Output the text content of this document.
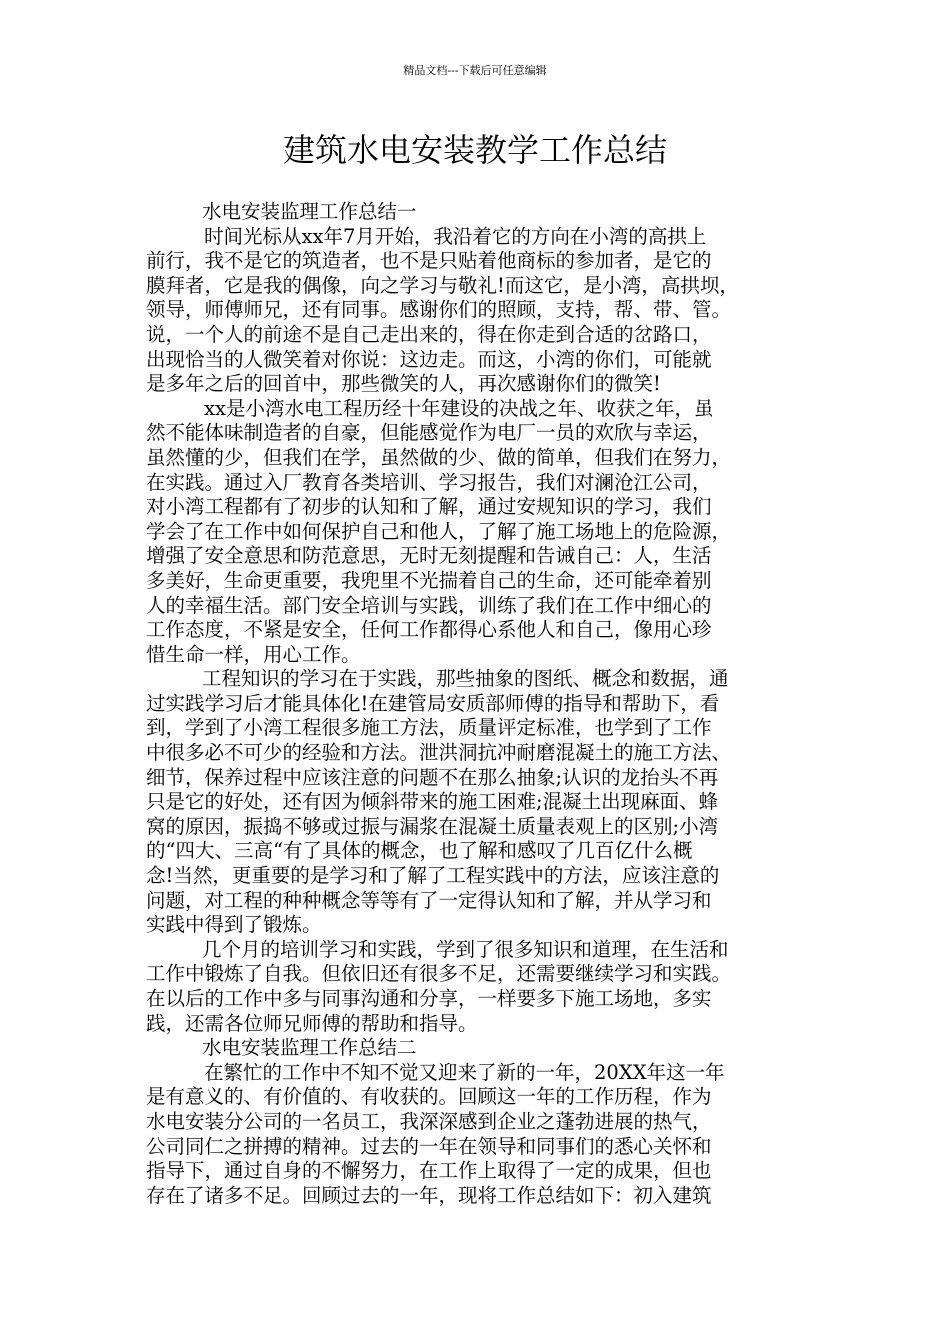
精品文档---下载后可任意编辑
建筑水电安装教学工作总结
水电安装监理工作总结一
时间光标从xx年7月开始，我沿着它的方向在小湾的高拱上
前行，我不是它的筑造者，也不是只贴着他商标的参加者，是它的
膜拜者，它是我的偶像，向之学习与敬礼!而这它，是小湾，高拱坝，
领导，师傅师兄，还有同事。感谢你们的照顾，支持，帮、带、管。
说，一个人的前途不是自己走出来的，得在你走到合适的岔路口，
出现恰当的人微笑着对你说：这边走。而这，小湾的你们，可能就
是多年之后的回首中，那些微笑的人，再次感谢你们的微笑!
xx是小湾水电工程历经十年建设的决战之年、收获之年，虽
然不能体味制造者的自豪，但能感觉作为电厂一员的欢欣与幸运，
虽然懂的少，但我们在学，虽然做的少、做的简单，但我们在努力，
在实践。通过入厂教育各类培训、学习报告，我们对澜沧江公司，
对小湾工程都有了初步的认知和了解，通过安规知识的学习，我们
学会了在工作中如何保护自己和他人，了解了施工场地上的危险源，
增强了安全意思和防范意思，无时无刻提醒和告诫自己：人，生活
多美好，生命更重要，我兜里不光揣着自己的生命，还可能牵着别
人的幸福生活。部门安全培训与实践，训练了我们在工作中细心的
工作态度，不紧是安全，任何工作都得心系他人和自己，像用心珍
惜生命一样，用心工作。
工程知识的学习在于实践，那些抽象的图纸、概念和数据，通
过实践学习后才能具体化!在建管局安质部师傅的指导和帮助下，看
到，学到了小湾工程很多施工方法，质量评定标准，也学到了工作
中很多必不可少的经验和方法。泄洪洞抗冲耐磨混凝土的施工方法、
细节，保养过程中应该注意的问题不在那么抽象;认识的龙抬头不再
只是它的好处，还有因为倾斜带来的施工困难;混凝土出现麻面、蜂
窝的原因，振捣不够或过振与漏浆在混凝土质量表观上的区别;小湾
的“四大、三高“有了具体的概念，也了解和感叹了几百亿什么概
念!当然，更重要的是学习和了解了工程实践中的方法，应该注意的
问题，对工程的种种概念等等有了一定得认知和了解，并从学习和
实践中得到了锻炼。
几个月的培训学习和实践，学到了很多知识和道理，在生活和
工作中锻炼了自我。但依旧还有很多不足，还需要继续学习和实践。
在以后的工作中多与同事沟通和分享，一样要多下施工场地，多实
践，还需各位师兄师傅的帮助和指导。
水电安装监理工作总结二
在繁忙的工作中不知不觉又迎来了新的一年，20XX年这一年
是有意义的、有价值的、有收获的。回顾这一年的工作历程，作为
水电安装分公司的一名员工，我深深感到企业之蓬勃进展的热气，
公司同仁之拼搏的精神。过去的一年在领导和同事们的悉心关怀和
指导下，通过自身的不懈努力，在工作上取得了一定的成果，但也
存在了诸多不足。回顾过去的一年，现将工作总结如下：初入建筑
